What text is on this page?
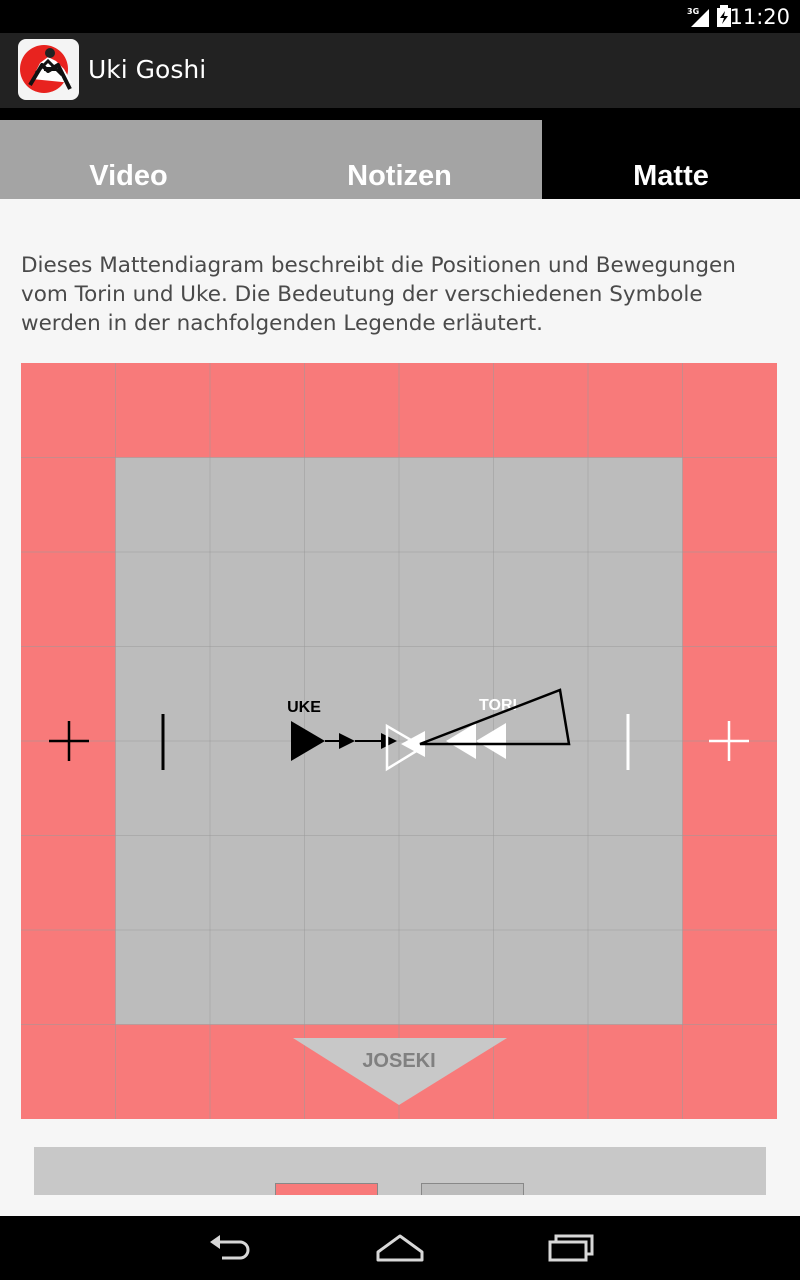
3G 11:20
Uki Goshi
Video	Notizen	Matte

Dieses Mattendiagram beschreibt die Positionen und Bewegungen vom Torin und Uke. Die Bedeutung der verschiedenen Symbole werden in der nachfolgenden Legende erläutert.

UKE	TORI
JOSEKI
